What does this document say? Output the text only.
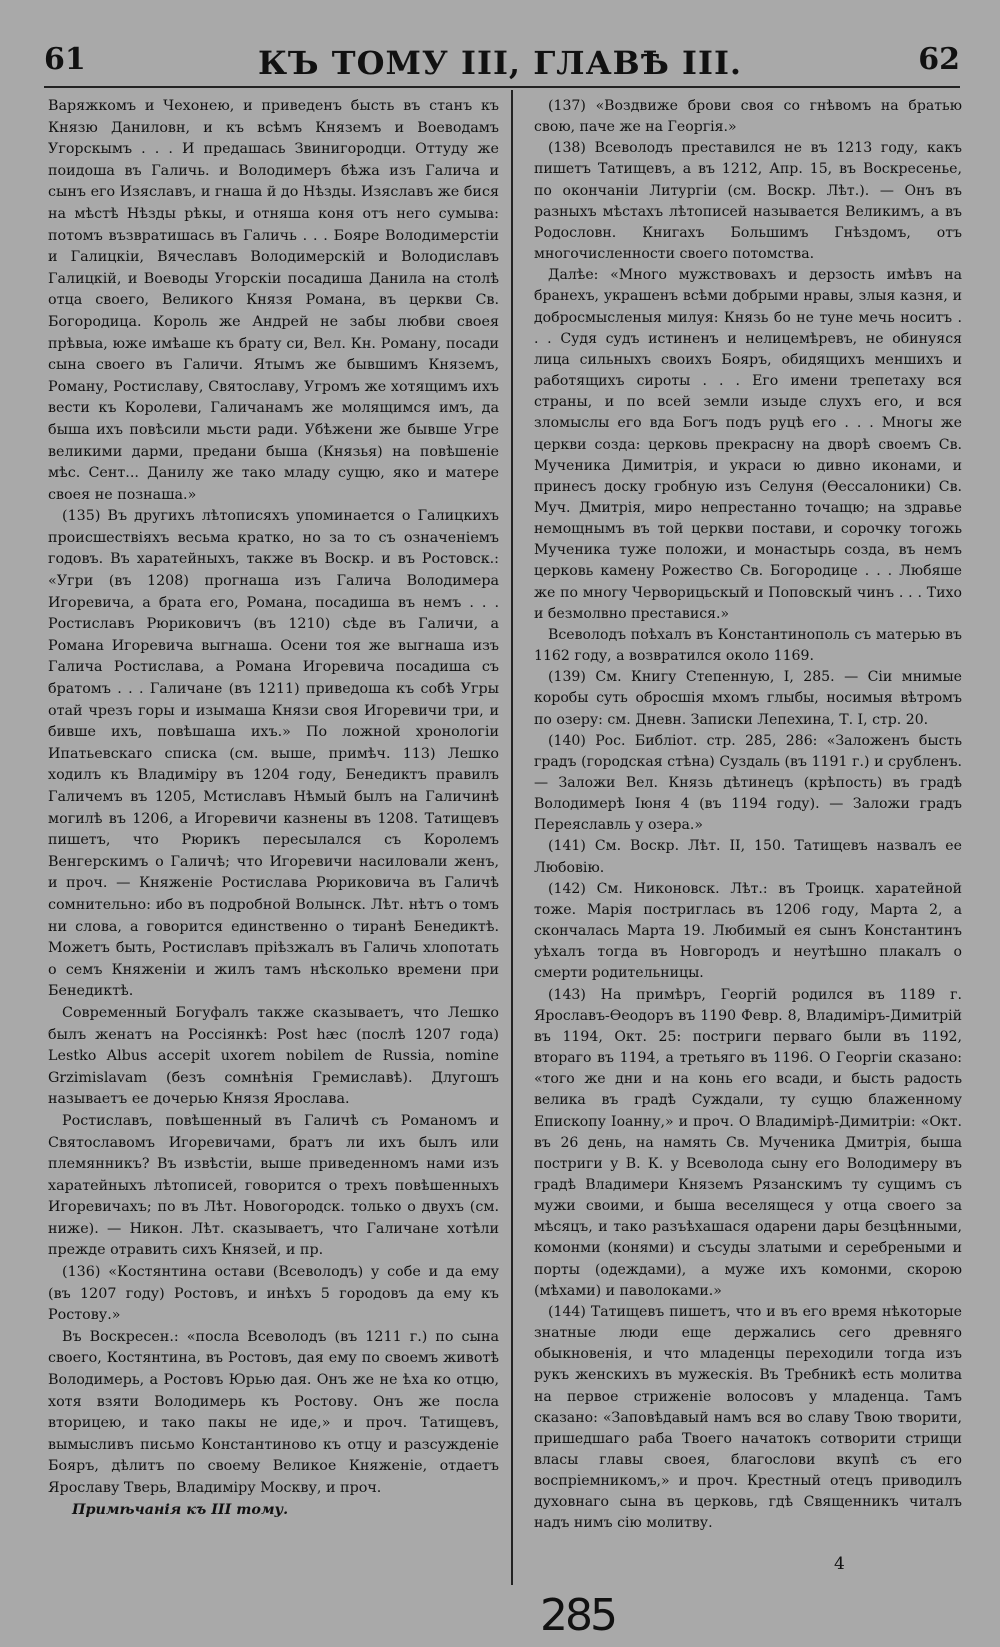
61	КЪ ТОМУ III, ГЛАВѢ III.	62

Варяжкомъ и Чехонею, и приведенъ бысть въ станъ къ Князю Даниловн, и къ всѣмъ Княземъ и Воеводамъ Угорскымъ . . . И предашась Звинигородци. Оттуду же поидоша въ Галичь. и Володимеръ бѣжа изъ Галича и сынъ его Изяславъ, и гнаша й до Нѣзды. Изяславъ же бися на мѣстѣ Нѣзды рѣкы, и отняша коня отъ него сумыва: потомъ възвратишась въ Галичь . . . Бояре Володимерстіи и Галицкіи, Вячеславъ Володимерскій и Володиславъ Галицкій, и Воеводы Угорскіи посадиша Данила на столѣ отца своего, Великого Князя Романа, въ церкви Св. Богородица. Король же Андрей не забы любви своея прѣвыа, юже имѣаше къ брату си, Вел. Кн. Роману, посади сына своего въ Галичи. Ятымъ же бывшимъ Княземъ, Роману, Ростиславу, Святославу, Угромъ же хотящимъ ихъ вести къ Королеви, Галичанамъ же молящимся имъ, да быша ихъ повѣсили мьсти ради. Убѣжени же бывше Угре великими дарми, предани быша (Князья) на повѣшеніе мѣс. Сент... Данилу же тако младу сущю, яко и матере своея не познаша.»

(135) Въ другихъ лѣтописяхъ упоминается о Галицкихъ происшествіяхъ весьма кратко, но за то съ означеніемъ годовъ. Въ харатейныхъ, также въ Воскр. и въ Ростовск.: «Угри (въ 1208) прогнаша изъ Галича Володимера Игоревича, а брата его, Романа, посадиша въ немъ . . . Ростиславъ Рюриковичъ (въ 1210) сѣде въ Галичи, а Романа Игоревича выгнаша. Осени тоя же выгнаша изъ Галича Ростислава, а Романа Игоревича посадиша съ братомъ . . . Галичане (въ 1211) приведоша къ собѣ Угры отай чрезъ горы и изымаша Князи своя Игоревичи три, и бивше ихъ, повѣшаша ихъ.» По ложной хронологіи Ипатьевскаго списка (см. выше, примѣч. 113) Лешко ходилъ къ Владиміру въ 1204 году, Бенедиктъ правилъ Галичемъ въ 1205, Мстиславъ Нѣмый былъ на Галичинѣ могилѣ въ 1206, а Игоревичи казнены въ 1208. Татищевъ пишетъ, что Рюрикъ пересылался съ Королемъ Венгерскимъ о Галичѣ; что Игоревичи насиловали женъ, и проч. — Княженіе Ростислава Рюриковича въ Галичѣ сомнительно: ибо въ подробной Волынск. Лѣт. нѣтъ о томъ ни слова, а говорится единственно о тиранѣ Бенедиктѣ. Можетъ быть, Ростиславъ пріѣзжалъ въ Галичь хлопотать о семъ Княженіи и жилъ тамъ нѣсколько времени при Бенедиктѣ.

Современный Богуфалъ также сказываетъ, что Лешко былъ женатъ на Россіянкѣ: Post hæc (послѣ 1207 года) Lestko Albus accepit uxorem nobilem de Russia, nomine Grzimislavam (безъ сомнѣнія Гремиславѣ). Длугошъ называетъ ее дочерью Князя Ярослава.

Ростиславъ, повѣшенный въ Галичѣ съ Романомъ и Святославомъ Игоревичами, братъ ли ихъ былъ или племянникъ? Въ извѣстіи, выше приведенномъ нами изъ харатейныхъ лѣтописей, говорится о трехъ повѣшенныхъ Игоревичахъ; по въ Лѣт. Новогородск. только о двухъ (см. ниже). — Никон. Лѣт. сказываетъ, что Галичане хотѣли прежде отравить сихъ Князей, и пр.

(136) «Костянтина остави (Всеволодъ) у собе и да ему (въ 1207 году) Ростовъ, и инѣхъ 5 городовъ да ему къ Ростову.»

Въ Воскресен.: «посла Всеволодъ (въ 1211 г.) по сына своего, Костянтина, въ Ростовъ, дая ему по своемъ животѣ Володимерь, а Ростовъ Юрью дая. Онъ же не ѣха ко отцю, хотя взяти Володимерь къ Ростову. Онъ же посла вторицею, и тако пакы не иде,» и проч. Татищевъ, вымысливъ письмо Константиново къ отцу и разсужденіе Бояръ, дѣлитъ по своему Великое Княженіе, отдаетъ Ярославу Тверь, Владиміру Москву, и проч.

Примѣчанія къ III тому.

(137) «Воздвиже брови своя со гнѣвомъ на братью свою, паче же на Георгія.»

(138) Всеволодъ преставился не въ 1213 году, какъ пишетъ Татищевъ, а въ 1212, Апр. 15, въ Воскресенье, по окончаніи Литургіи (см. Воскр. Лѣт.). — Онъ въ разныхъ мѣстахъ лѣтописей называется Великимъ, а въ Родословн. Книгахъ Большимъ Гнѣздомъ, отъ многочисленности своего потомства.

Далѣе: «Много мужствовахъ и дерзость имѣвъ на бранехъ, украшенъ всѣми добрыми нравы, злыя казня, и добросмысленыя милуя: Князь бо не туне мечь носитъ . . . Судя судъ истиненъ и нелицемѣревъ, не обинуяся лица сильныхъ своихъ Бояръ, обидящихъ меншихъ и работящихъ сироты . . . Его имени трепетаху вся страны, и по всей земли изыде слухъ его, и вся зломыслы его вда Богъ подъ руцѣ его . . . Многы же церкви созда: церковь прекрасну на дворѣ своемъ Св. Мученика Димитрія, и украси ю дивно иконами, и принесъ доску гробную изъ Селуня (Ѳессалоники) Св. Муч. Дмитрія, миро непрестанно точащю; на здравье немощнымъ въ той церкви постави, и сорочку тогожь Мученика туже положи, и монастырь созда, въ немъ церковь камену Рожество Св. Богородице . . . Любяше же по многу Черворицьскый и Поповскый чинъ . . . Тихо и безмолвно преставися.»

Всеволодъ поѣхалъ въ Константинополь съ матерью въ 1162 году, а возвратился около 1169.

(139) См. Книгу Степенную, I, 285. — Сіи мнимые коробы суть обросшія мхомъ глыбы, носимыя вѣтромъ по озеру: см. Дневн. Записки Лепехина, Т. I, стр. 20.

(140) Рос. Библіот. стр. 285, 286: «Заложенъ бысть градъ (городская стѣна) Суздаль (въ 1191 г.) и срубленъ. — Заложи Вел. Князь дѣтинецъ (крѣпость) въ градѣ Володимерѣ Іюня 4 (въ 1194 году). — Заложи градъ Переяславль у озера.»

(141) См. Воскр. Лѣт. II, 150. Татищевъ назвалъ ее Любовію.

(142) См. Никоновск. Лѣт.: въ Троицк. харатейной тоже. Марія постриглась въ 1206 году, Марта 2, а скончалась Марта 19. Любимый ея сынъ Константинъ уѣхалъ тогда въ Новгородъ и неутѣшно плакалъ о смерти родительницы.

(143) На примѣръ, Георгій родился въ 1189 г. Ярославъ-Ѳеодоръ въ 1190 Февр. 8, Владиміръ-Димитрій въ 1194, Окт. 25: постриги перваго были въ 1192, втораго въ 1194, а третьяго въ 1196. О Георгіи сказано: «того же дни и на конь его всади, и бысть радость велика въ градѣ Суждали, ту сущю блаженному Епископу Іоанну,» и проч. О Владимірѣ-Димитріи: «Окт. въ 26 день, на намять Св. Мученика Дмитрія, быша постриги у В. К. у Всеволода сыну его Володимеру въ градѣ Владимери Княземъ Рязанскимъ ту сущимъ съ мужи своими, и быша веселящеся у отца своего за мѣсяцъ, и тако разъѣхашася одарени дары безцѣнными, комонми (конями) и съсуды златыми и серебреными и порты (одеждами), а муже ихъ комонми, скорою (мѣхами) и паволоками.»

(144) Татищевъ пишетъ, что и въ его время нѣкоторые знатные люди еще держались сего древняго обыкновенія, и что младенцы переходили тогда изъ рукъ женскихъ въ мужескія. Въ Требникѣ есть молитва на первое стриженіе волосовъ у младенца. Тамъ сказано: «Заповѣдавый намъ вся во славу Твою творити, пришедшаго раба Твоего начатокъ сотворити стрищи власы главы своея, благослови вкупѣ съ его воспріемникомъ,» и проч. Крестный отецъ приводилъ духовнаго сына въ церковь, гдѣ Священникъ читалъ надъ нимъ сію молитву.

4
285
